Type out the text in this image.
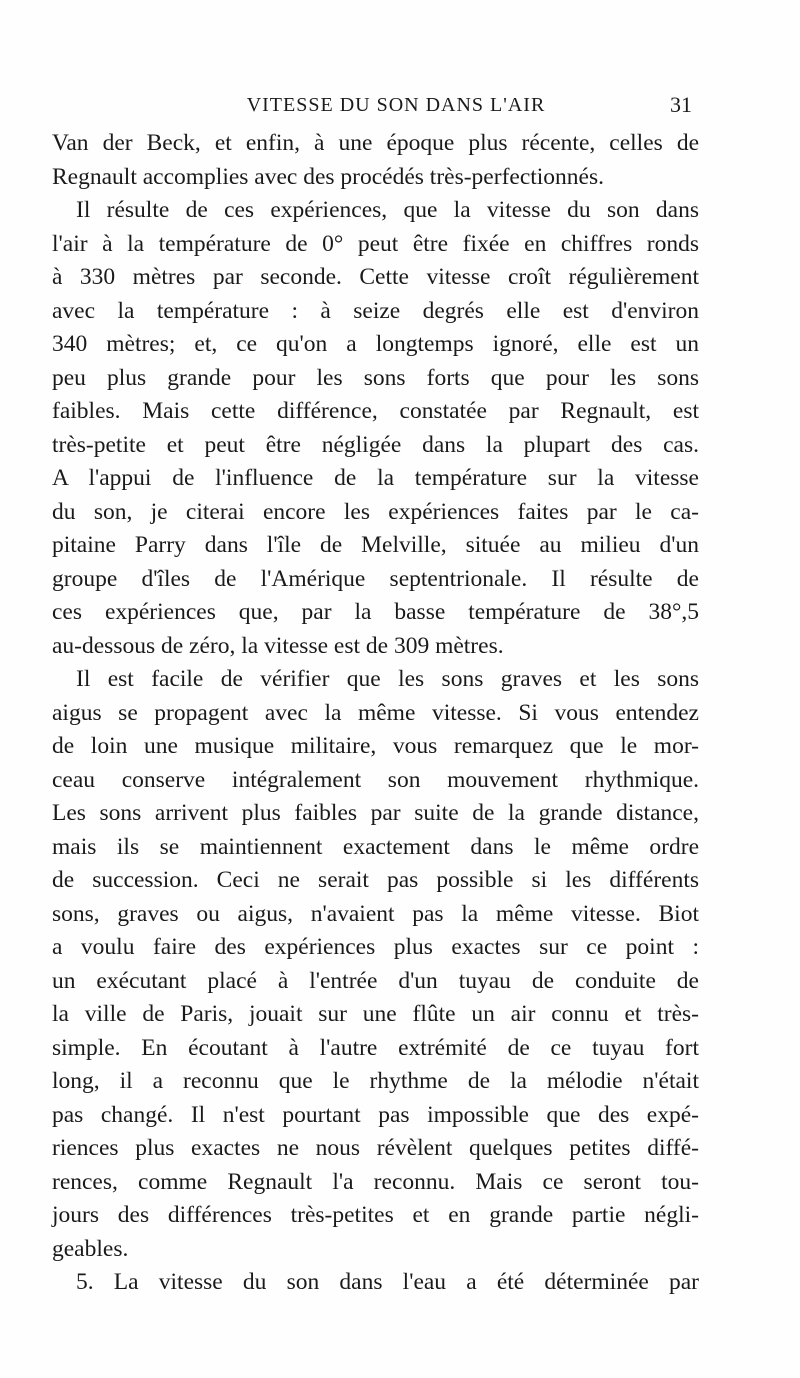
VITESSE DU SON DANS L'AIR	31
Van der Beck, et enfin, à une époque plus récente, celles de
Regnault accomplies avec des procédés très-perfectionnés.
Il résulte de ces expériences, que la vitesse du son dans
l'air à la température de 0° peut être fixée en chiffres ronds
à 330 mètres par seconde. Cette vitesse croît régulièrement
avec la température : à seize degrés elle est d'environ
340 mètres; et, ce qu'on a longtemps ignoré, elle est un
peu plus grande pour les sons forts que pour les sons
faibles. Mais cette différence, constatée par Regnault, est
très-petite et peut être négligée dans la plupart des cas.
A l'appui de l'influence de la température sur la vitesse
du son, je citerai encore les expériences faites par le ca-
pitaine Parry dans l'île de Melville, située au milieu d'un
groupe d'îles de l'Amérique septentrionale. Il résulte de
ces expériences que, par la basse température de 38°,5
au-dessous de zéro, la vitesse est de 309 mètres.
Il est facile de vérifier que les sons graves et les sons
aigus se propagent avec la même vitesse. Si vous entendez
de loin une musique militaire, vous remarquez que le mor-
ceau conserve intégralement son mouvement rhythmique.
Les sons arrivent plus faibles par suite de la grande distance,
mais ils se maintiennent exactement dans le même ordre
de succession. Ceci ne serait pas possible si les différents
sons, graves ou aigus, n'avaient pas la même vitesse. Biot
a voulu faire des expériences plus exactes sur ce point :
un exécutant placé à l'entrée d'un tuyau de conduite de
la ville de Paris, jouait sur une flûte un air connu et très-
simple. En écoutant à l'autre extrémité de ce tuyau fort
long, il a reconnu que le rhythme de la mélodie n'était
pas changé. Il n'est pourtant pas impossible que des expé-
riences plus exactes ne nous révèlent quelques petites diffé-
rences, comme Regnault l'a reconnu. Mais ce seront tou-
jours des différences très-petites et en grande partie négli-
geables.
5. La vitesse du son dans l'eau a été déterminée par
